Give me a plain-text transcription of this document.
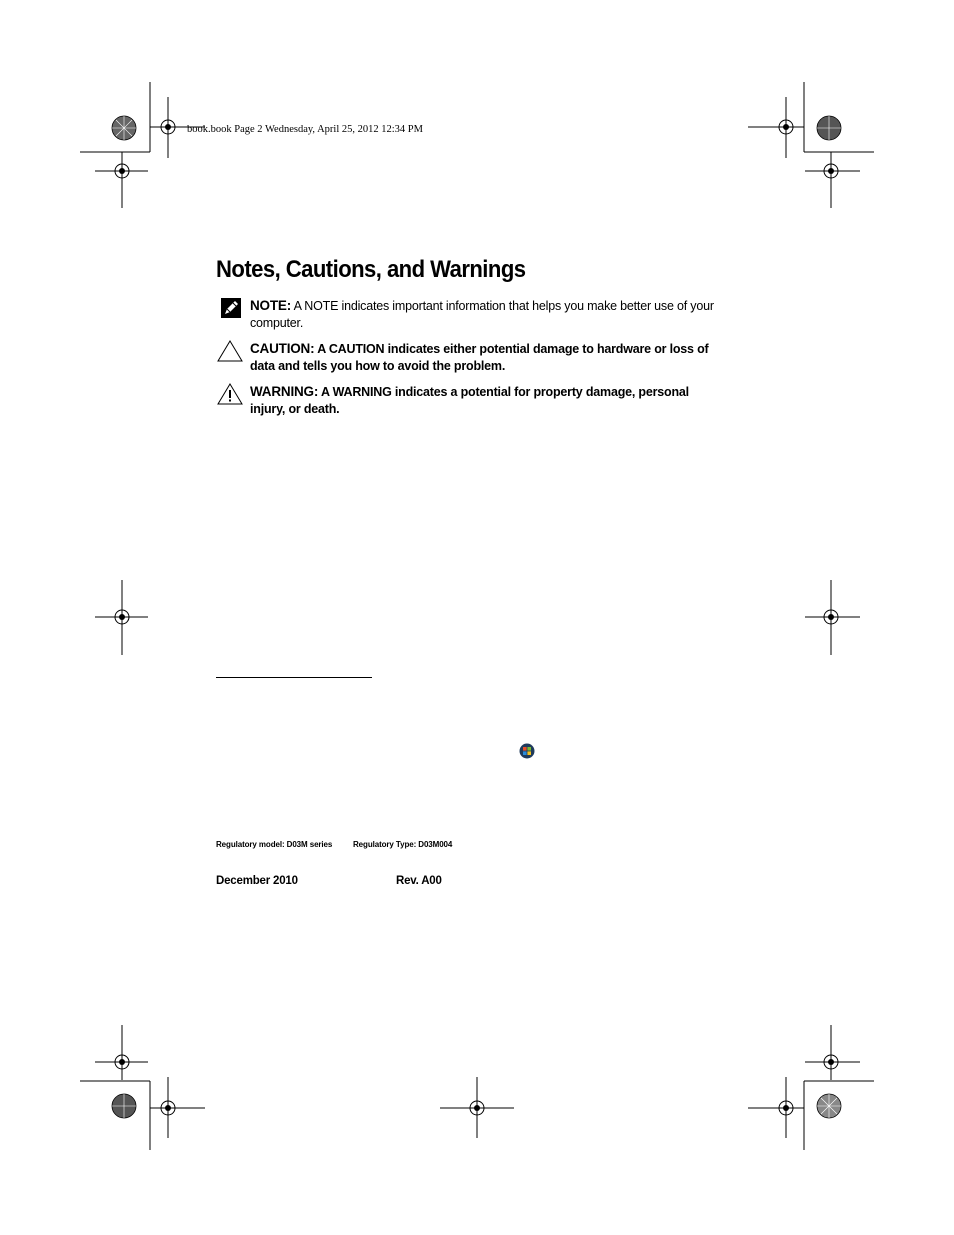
book.book Page 2 Wednesday, April 25, 2012 12:34 PM
Notes, Cautions, and Warnings
NOTE: A NOTE indicates important information that helps you make better use of your computer.
CAUTION: A CAUTION indicates either potential damage to hardware or loss of data and tells you how to avoid the problem.
WARNING: A WARNING indicates a potential for property damage, personal injury, or death.
Regulatory model: D03M series	Regulatory Type: D03M004
December 2010	Rev. A00
